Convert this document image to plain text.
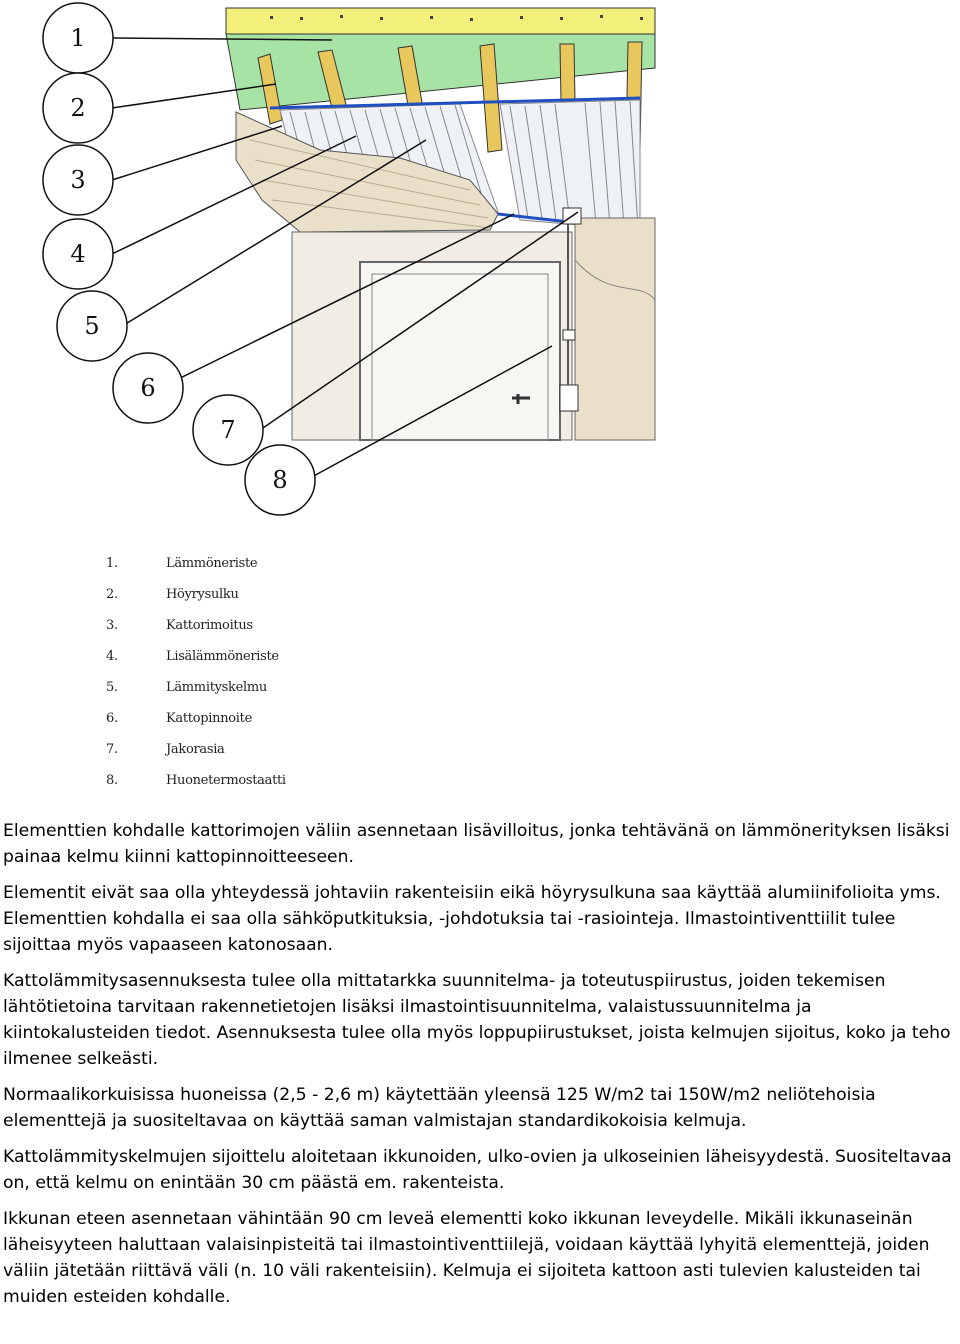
1
2
3
4
5
6
7
8
1.	Lämmöneriste
2.	Höyrysulku
3.	Kattorimoitus
4.	Lisälämmöneriste
5.	Lämmityskelmu
6.	Kattopinnoite
7.	Jakorasia
8.	Huonetermostaatti

Elementtien kohdalle kattorimojen väliin asennetaan lisävilloitus, jonka tehtävänä on lämmönerityksen lisäksi painaa kelmu kiinni kattopinnoitteeseen.

Elementit eivät saa olla yhteydessä johtaviin rakenteisiin eikä höyrysulkuna saa käyttää alumiinifolioita yms. Elementtien kohdalla ei saa olla sähköputkituksia, -johdotuksia tai -rasiointeja. Ilmastointiventtiilit tulee sijoittaa myös vapaaseen katonosaan.

Kattolämmitysasennuksesta tulee olla mittatarkka suunnitelma- ja toteutuspiirustus, joiden tekemisen lähtötietoina tarvitaan rakennetietojen lisäksi ilmastointisuunnitelma, valaistussuunnitelma ja kiintokalusteiden tiedot. Asennuksesta tulee olla myös loppupiirustukset, joista kelmujen sijoitus, koko ja teho ilmenee selkeästi.

Normaalikorkuisissa huoneissa (2,5 - 2,6 m) käytettään yleensä 125 W/m2 tai 150W/m2 neliötehoisia elementtejä ja suositeltavaa on käyttää saman valmistajan standardikokoisia kelmuja.

Kattolämmityskelmujen sijoittelu aloitetaan ikkunoiden, ulko-ovien ja ulkoseinien läheisyydestä. Suositeltavaa on, että kelmu on enintään 30 cm päästä em. rakenteista.

Ikkunan eteen asennetaan vähintään 90 cm leveä elementti koko ikkunan leveydelle. Mikäli ikkunaseinän läheisyyteen haluttaan valaisinpisteitä tai ilmastointiventtiilejä, voidaan käyttää lyhyitä elementtejä, joiden väliin jätetään riittävä väli (n. 10 väli rakenteisiin). Kelmuja ei sijoiteta kattoon asti tulevien kalusteiden tai muiden esteiden kohdalle.
